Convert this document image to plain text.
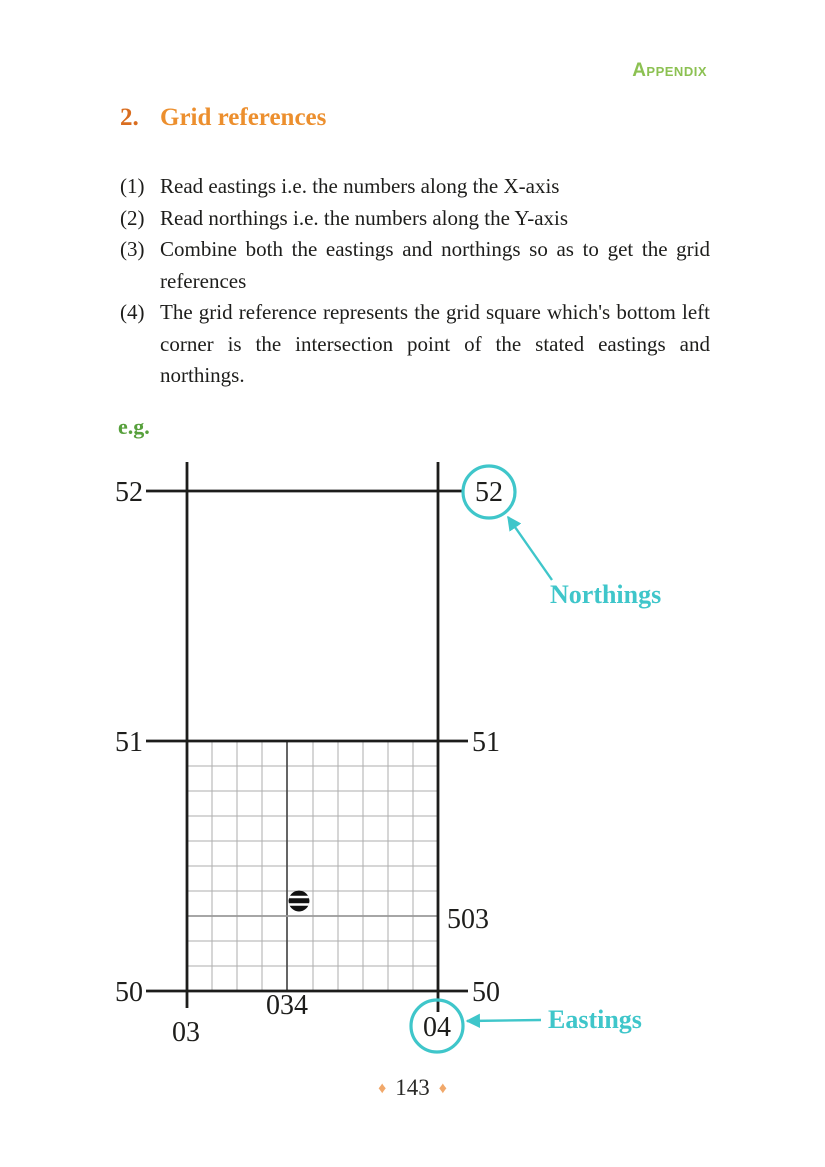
Appendix
2. Grid references
(1) Read eastings i.e. the numbers along the X-axis
(2) Read northings i.e. the numbers along the Y-axis
(3) Combine both the eastings and northings so as to get the grid references
(4) The grid reference represents the grid square which's bottom left corner is the intersection point of the stated eastings and northings.
e.g.
52	52
51	51
50	50
03	04
034
503
Northings
Eastings
♦ 143 ♦
